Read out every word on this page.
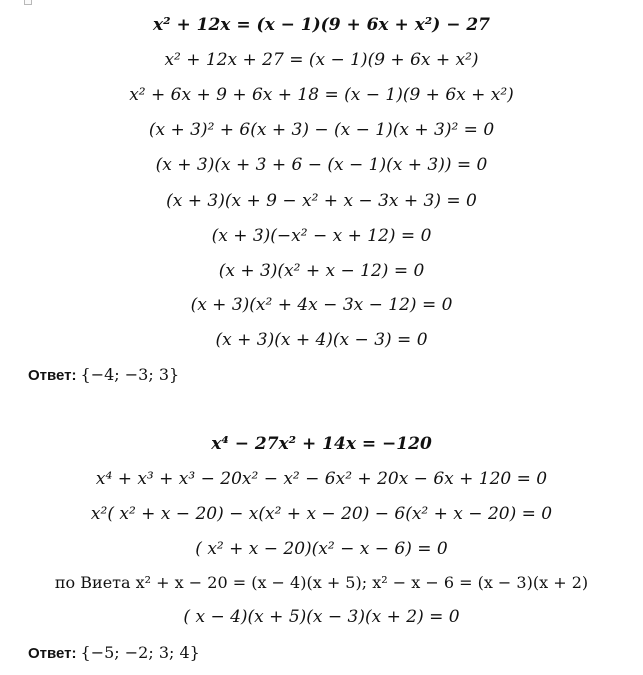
x² + 12x = (x − 1)(9 + 6x + x²) − 27
x² + 12x + 27 = (x − 1)(9 + 6x + x²)
x² + 6x + 9 + 6x + 18 = (x − 1)(9 + 6x + x²)
(x + 3)² + 6(x + 3) − (x − 1)(x + 3)² = 0
(x + 3)(x + 3 + 6 − (x − 1)(x + 3)) = 0
(x + 3)(x + 9 − x² + x − 3x + 3) = 0
(x + 3)(−x² − x + 12) = 0
(x + 3)(x² + x − 12) = 0
(x + 3)(x² + 4x − 3x − 12) = 0
(x + 3)(x + 4)(x − 3) = 0
Ответ: {−4; −3; 3}
x⁴ − 27x² + 14x = −120
x⁴ + x³ + x³ − 20x² − x² − 6x² + 20x − 6x + 120 = 0
x²( x² + x − 20) − x(x² + x − 20) − 6(x² + x − 20) = 0
( x² + x − 20)(x² − x − 6) = 0
по Виета x² + x − 20 = (x − 4)(x + 5); x² − x − 6 = (x − 3)(x + 2)
( x − 4)(x + 5)(x − 3)(x + 2) = 0
Ответ: {−5; −2; 3; 4}
